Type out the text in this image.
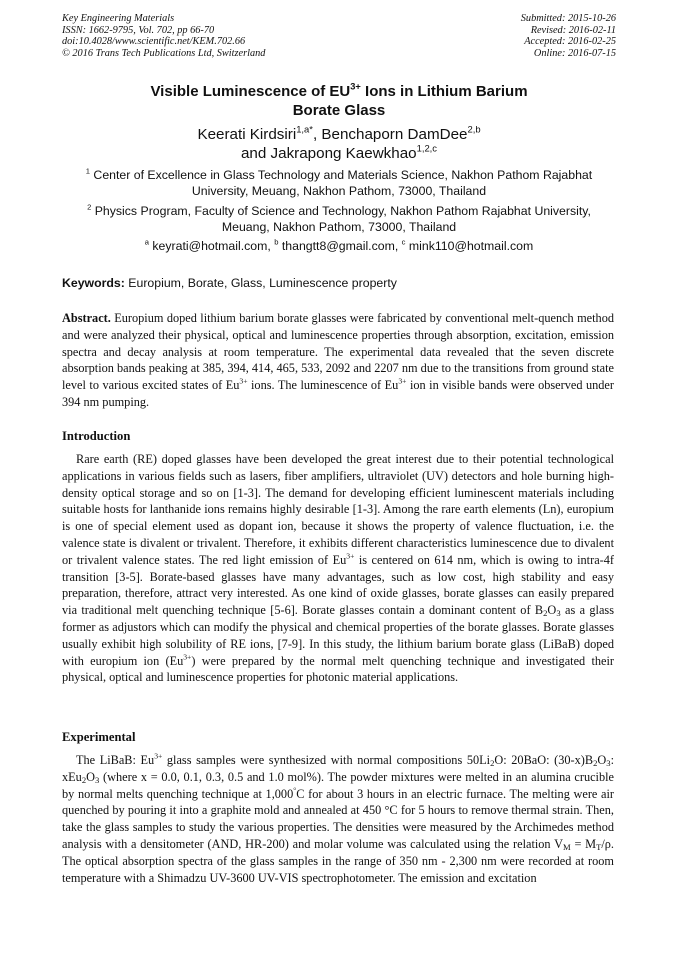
Key Engineering Materials
ISSN: 1662-9795, Vol. 702, pp 66-70
doi:10.4028/www.scientific.net/KEM.702.66
© 2016 Trans Tech Publications Ltd, Switzerland
Submitted: 2015-10-26
Revised: 2016-02-11
Accepted: 2016-02-25
Online: 2016-07-15
Visible Luminescence of $EU^{3+}$ Ions in Lithium Barium
Borate Glass
Keerati Kirdsiri$^{1,a*}$, Benchaporn DamDee$^{2,b}$
and Jakrapong Kaewkhao$^{1,2,c}$
$^1$ Center of Excellence in Glass Technology and Materials Science, Nakhon Pathom Rajabhat
University, Meuang, Nakhon Pathom, 73000, Thailand
$^2$ Physics Program, Faculty of Science and Technology, Nakhon Pathom Rajabhat University,
Meuang, Nakhon Pathom, 73000, Thailand
$^a$ keyrati@hotmail.com, $^b$ thangtt8@gmail.com, $^c$ mink110@hotmail.com
Keywords: Europium, Borate, Glass, Luminescence property

Abstract. Europium doped lithium barium borate glasses were fabricated by conventional melt-quench method and were analyzed their physical, optical and luminescence properties through absorption, excitation, emission spectra and decay analysis at room temperature. The experimental data revealed that the seven discrete absorption bands peaking at 385, 394, 414, 465, 533, 2092 and 2207 nm due to the transitions from ground state level to various excited states of $Eu^{3+}$ ions. The luminescence of $Eu^{3+}$ ion in visible bands were observed under 394 nm pumping.

Introduction

Rare earth (RE) doped glasses have been developed the great interest due to their potential technological applications in various fields such as lasers, fiber amplifiers, ultraviolet (UV) detectors and hole burning high-density optical storage and so on [1-3]. The demand for developing efficient luminescent materials including suitable hosts for lanthanide ions remains highly desirable [1-3]. Among the rare earth elements (Ln), europium is one of special element used as dopant ion, because it shows the property of valence fluctuation, i.e. the valence state is divalent or trivalent. Therefore, it exhibits different characteristics luminescence due to divalent or trivalent valence states. The red light emission of $Eu^{3+}$ is centered on 614 nm, which is owing to intra-4f transition [3-5]. Borate-based glasses have many advantages, such as low cost, high stability and easy preparation, therefore, attract very interested. As one kind of oxide glasses, borate glasses can easily prepared via traditional melt quenching technique [5-6]. Borate glasses contain a dominant content of $B_2O_3$ as a glass former as adjustors which can modify the physical and chemical properties of the borate glasses. Borate glasses usually exhibit high solubility of RE ions, [7-9]. In this study, the lithium barium borate glass (LiBaB) doped with europium ion $(Eu^{3+})$ were prepared by the normal melt quenching technique and investigated their physical, optical and luminescence properties for photonic material applications.

Experimental

The LiBaB: $Eu^{3+}$ glass samples were synthesized with normal compositions $50Li_2O$: 20BaO: $(30-x)B_2O_3$: $xEu_2O_3$ (where x = 0.0, 0.1, 0.3, 0.5 and 1.0 mol%). The powder mixtures were melted in an alumina crucible by normal melts quenching technique at 1,000°C for about 3 hours in an electric furnace. The melting were air quenched by pouring it into a graphite mold and annealed at 450 °C for 5 hours to remove thermal strain. Then, take the glass samples to study the various properties. The densities were measured by the Archimedes method analysis with a densitometer (AND, HR-200) and molar volume was calculated using the relation $V_M = M_T/\rho$. The optical absorption spectra of the glass samples in the range of 350 nm - 2,300 nm were recorded at room temperature with a Shimadzu UV-3600 UV-VIS spectrophotometer. The emission and excitation
